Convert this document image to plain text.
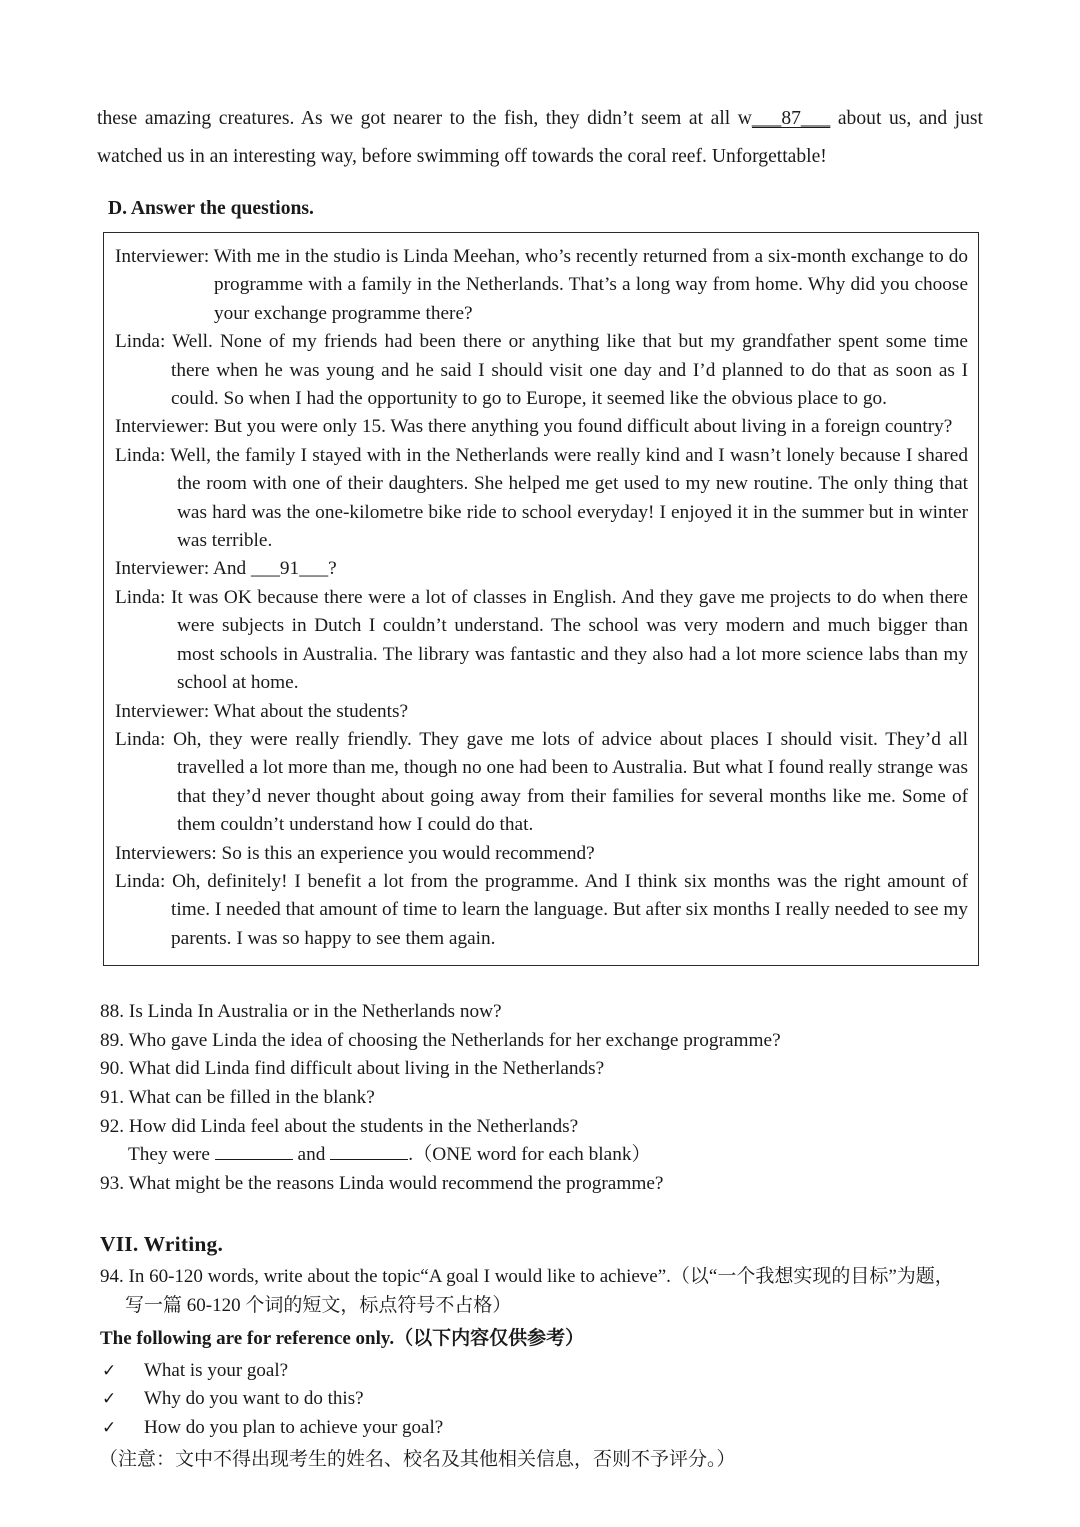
these amazing creatures. As we got nearer to the fish, they didn’t seem at all w___87___ about us, and just watched us in an interesting way, before swimming off towards the coral reef. Unforgettable!

D. Answer the questions.

Interviewer: With me in the studio is Linda Meehan, who’s recently returned from a six-month exchange to do programme with a family in the Netherlands. That’s a long way from home. Why did you choose your exchange programme there?

Linda: Well. None of my friends had been there or anything like that but my grandfather spent some time there when he was young and he said I should visit one day and I’d planned to do that as soon as I could. So when I had the opportunity to go to Europe, it seemed like the obvious place to go.

Interviewer: But you were only 15. Was there anything you found difficult about living in a foreign country?

Linda: Well, the family I stayed with in the Netherlands were really kind and I wasn’t lonely because I shared the room with one of their daughters. She helped me get used to my new routine. The only thing that was hard was the one-kilometre bike ride to school everyday! I enjoyed it in the summer but in winter was terrible.

Interviewer: And ___91___?

Linda: It was OK because there were a lot of classes in English. And they gave me projects to do when there were subjects in Dutch I couldn’t understand. The school was very modern and much bigger than most schools in Australia. The library was fantastic and they also had a lot more science labs than my school at home.

Interviewer: What about the students?

Linda: Oh, they were really friendly. They gave me lots of advice about places I should visit. They’d all travelled a lot more than me, though no one had been to Australia. But what I found really strange was that they’d never thought about going away from their families for several months like me. Some of them couldn’t understand how I could do that.

Interviewers: So is this an experience you would recommend?

Linda: Oh, definitely! I benefit a lot from the programme. And I think six months was the right amount of time. I needed that amount of time to learn the language. But after six months I really needed to see my parents. I was so happy to see them again.

88. Is Linda In Australia or in the Netherlands now?
89. Who gave Linda the idea of choosing the Netherlands for her exchange programme?
90. What did Linda find difficult about living in the Netherlands?
91. What can be filled in the blank?
92. How did Linda feel about the students in the Netherlands?
They were	and	.（ONE word for each blank）
93. What might be the reasons Linda would recommend the programme?
VII. Writing.
94. In 60-120 words, write about the topic“A goal I would like to achieve”.（以“一个我想实现的目标”为题，
写一篇 60-120 个词的短文，标点符号不占格）
The following are for reference only.（以下内容仅供参考）
✓	What is your goal?
✓	Why do you want to do this?
✓	How do you plan to achieve your goal?
（注意：文中不得出现考生的姓名、校名及其他相关信息，否则不予评分。）
